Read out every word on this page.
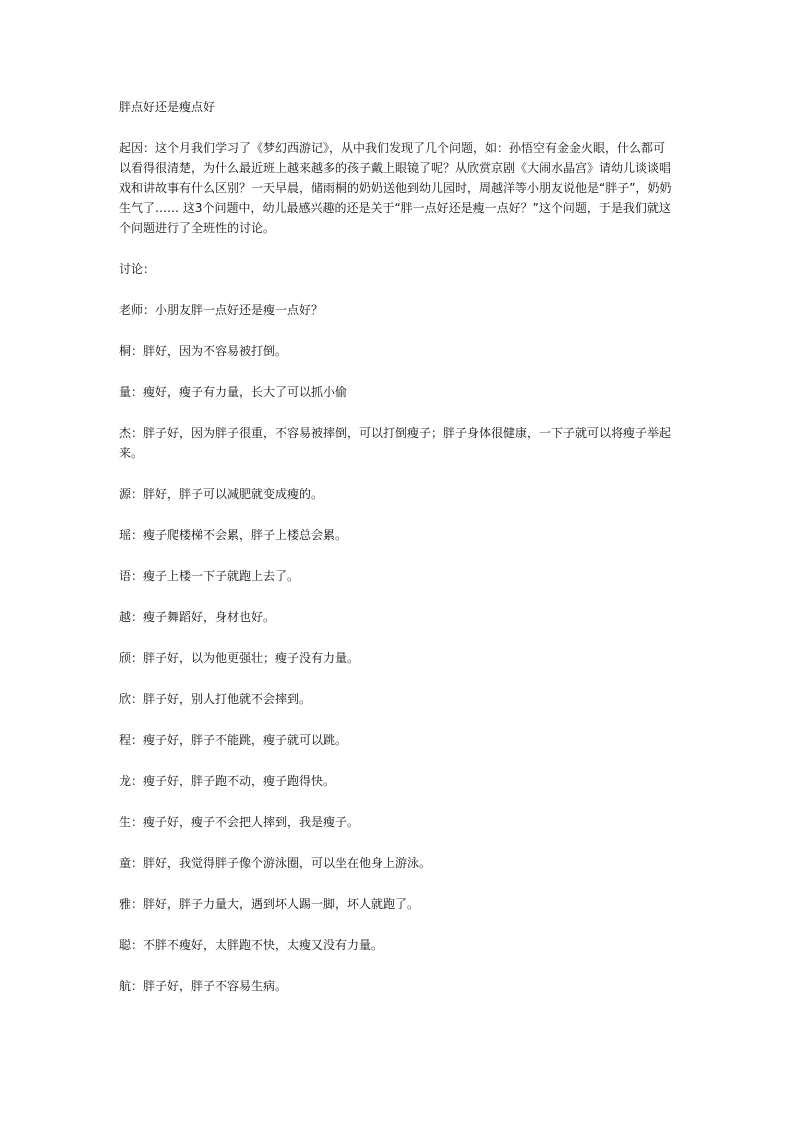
胖点好还是瘦点好

起因：这个月我们学习了《梦幻西游记》，从中我们发现了几个问题，如：孙悟空有金金火眼，什么都可以看得很清楚，为什么最近班上越来越多的孩子戴上眼镜了呢？从欣赏京剧《大闹水晶宫》请幼儿谈谈唱戏和讲故事有什么区别？一天早晨，储雨桐的奶奶送他到幼儿园时，周越洋等小朋友说他是“胖子”，奶奶生气了…… 这3个问题中，幼儿最感兴趣的还是关于“胖一点好还是瘦一点好？”这个问题，于是我们就这个问题进行了全班性的讨论。

讨论：

老师：小朋友胖一点好还是瘦一点好？

桐：胖好，因为不容易被打倒。

量：瘦好，瘦子有力量，长大了可以抓小偷

杰：胖子好，因为胖子很重，不容易被摔倒，可以打倒瘦子；胖子身体很健康，一下子就可以将瘦子举起来。

源：胖好，胖子可以减肥就变成瘦的。

瑶：瘦子爬楼梯不会累，胖子上楼总会累。

语：瘦子上楼一下子就跑上去了。

越：瘦子舞蹈好，身材也好。

颀：胖子好，以为他更强壮；瘦子没有力量。

欣：胖子好，别人打他就不会摔到。

程：瘦子好，胖子不能跳，瘦子就可以跳。

龙：瘦子好，胖子跑不动，瘦子跑得快。

生：瘦子好，瘦子不会把人摔到，我是瘦子。

童：胖好，我觉得胖子像个游泳圈，可以坐在他身上游泳。

雅：胖好，胖子力量大，遇到坏人踢一脚，坏人就跑了。

聪：不胖不瘦好，太胖跑不快，太瘦又没有力量。

航：胖子好，胖子不容易生病。
